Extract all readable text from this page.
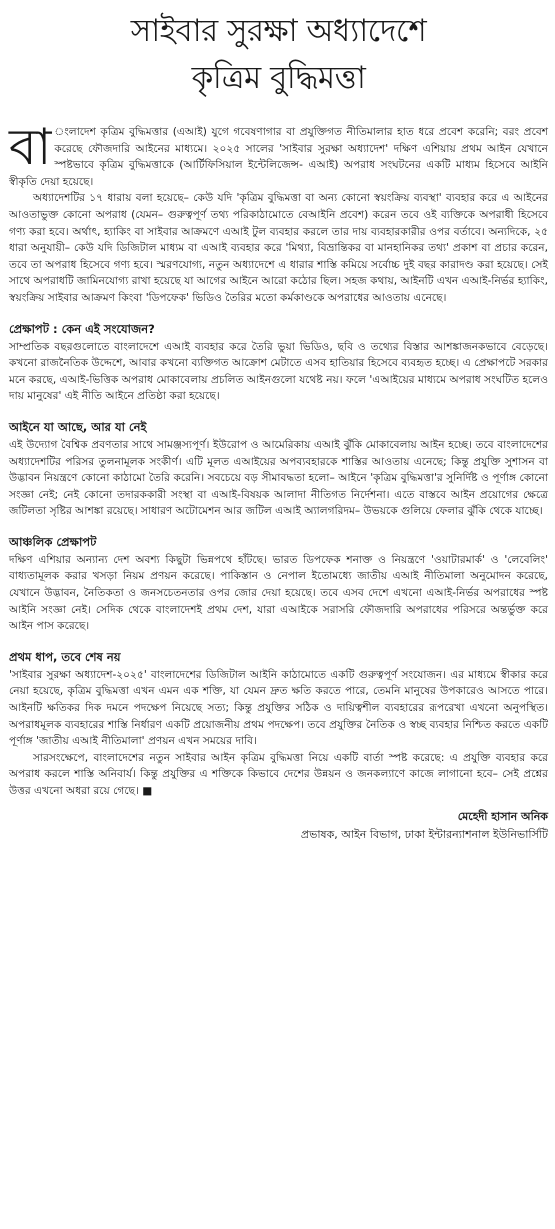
সাইবার সুরক্ষা অধ্যাদেশে
কৃত্রিম বুদ্ধিমত্তা

বা ংলাদেশ কৃত্রিম বুদ্ধিমত্তার (এআই) যুগে গবেষণাগার বা প্রযুক্তিগত নীতিমালার হাত ধরে প্রবেশ করেনি; বরং প্রবেশ করেছে ফৌজদারি আইনের মাধ্যমে। ২০২৫ সালের 'সাইবার সুরক্ষা অধ্যাদেশ' দক্ষিণ এশিয়ায় প্রথম আইন যেখানে স্পষ্টভাবে কৃত্রিম বুদ্ধিমত্তাকে (আর্টিফিসিয়াল ইন্টেলিজেন্স- এআই) অপরাধ সংঘটনের একটি মাধ্যম হিসেবে আইনি স্বীকৃতি দেয়া হয়েছে।

অধ্যাদেশটির ১৭ ধারায় বলা হয়েছে– কেউ যদি 'কৃত্রিম বুদ্ধিমত্তা বা অন্য কোনো স্বয়ংক্রিয় ব্যবস্থা' ব্যবহার করে এ আইনের আওতাভুক্ত কোনো অপরাধ (যেমন– গুরুত্বপূর্ণ তথ্য পরিকাঠামোতে বেআইনি প্রবেশ) করেন তবে ওই ব্যক্তিকে অপরাধী হিসেবে গণ্য করা হবে। অর্থাৎ, হ্যাকিং বা সাইবার আক্রমণে এআই টুল ব্যবহার করলে তার দায় ব্যবহারকারীর ওপর বর্তাবে। অন্যদিকে, ২৫ ধারা অনুযায়ী– কেউ যদি ডিজিটাল মাধ্যম বা এআই ব্যবহার করে 'মিথ্যা, বিভ্রান্তিকর বা মানহানিকর তথ্য' প্রকাশ বা প্রচার করেন, তবে তা অপরাধ হিসেবে গণ্য হবে। স্মরণযোগ্য, নতুন অধ্যাদেশে এ ধারার শাস্তি কমিয়ে সর্বোচ্চ দুই বছর কারাদণ্ড করা হয়েছে। সেই সাথে অপরাধটি জামিনযোগ্য রাখা হয়েছে যা আগের আইনে আরো কঠোর ছিল। সহজ কথায়, আইনটি এখন এআই-নির্ভর হ্যাকিং, স্বয়ংক্রিয় সাইবার আক্রমণ কিংবা 'ডিপফেক' ভিডিও তৈরির মতো কর্মকাণ্ডকে অপরাধের আওতায় এনেছে।

প্রেক্ষাপট : কেন এই সংযোজন?

সাম্প্রতিক বছরগুলোতে বাংলাদেশে এআই ব্যবহার করে তৈরি ভুয়া ভিডিও, ছবি ও তথ্যের বিস্তার আশঙ্কাজনকভাবে বেড়েছে। কখনো রাজনৈতিক উদ্দেশে, আবার কখনো ব্যক্তিগত আক্রোশ মেটাতে এসব হাতিয়ার হিসেবে ব্যবহৃত হচ্ছে। এ প্রেক্ষাপটে সরকার মনে করছে, এআই-ভিত্তিক অপরাধ মোকাবেলায় প্রচলিত আইনগুলো যথেষ্ট নয়। ফলে 'এআইয়ের মাধ্যমে অপরাধ সংঘটিত হলেও দায় মানুষের' এই নীতি আইনে প্রতিষ্ঠা করা হয়েছে।

আইনে যা আছে, আর যা নেই

এই উদ্যোগ বৈশ্বিক প্রবণতার সাথে সামঞ্জস্যপূর্ণ। ইউরোপ ও আমেরিকায় এআই ঝুঁকি মোকাবেলায় আইন হচ্ছে। তবে বাংলাদেশের অধ্যাদেশটির পরিসর তুলনামূলক সংকীর্ণ। এটি মূলত এআইয়ের অপব্যবহারকে শাস্তির আওতায় এনেছে; কিন্তু প্রযুক্তি সুশাসন বা উদ্ভাবন নিয়ন্ত্রণে কোনো কাঠামো তৈরি করেনি। সবচেয়ে বড় সীমাবদ্ধতা হলো– আইনে 'কৃত্রিম বুদ্ধিমত্তা'র সুনির্দিষ্ট ও পূর্ণাঙ্গ কোনো সংজ্ঞা নেই; নেই কোনো তদারককারী সংস্থা বা এআই-বিষয়ক আলাদা নীতিগত নির্দেশনা। এতে বাস্তবে আইন প্রয়োগের ক্ষেত্রে জটিলতা সৃষ্টির আশঙ্কা রয়েছে। সাধারণ অটোমেশন আর জটিল এআই অ্যালগরিদম– উভয়কে গুলিয়ে ফেলার ঝুঁকি থেকে যাচ্ছে।

আঞ্চলিক প্রেক্ষাপট

দক্ষিণ এশিয়ার অন্যান্য দেশ অবশ্য কিছুটা ভিন্নপথে হাঁটছে। ভারত ডিপফেক শনাক্ত ও নিয়ন্ত্রণে 'ওয়াটারমার্ক' ও 'লেবেলিং' বাধ্যতামূলক করার খসড়া নিয়ম প্রণয়ন করেছে। পাকিস্তান ও নেপাল ইতোমধ্যে জাতীয় এআই নীতিমালা অনুমোদন করেছে, যেখানে উদ্ভাবন, নৈতিকতা ও জনসচেতনতার ওপর জোর দেয়া হয়েছে। তবে এসব দেশে এখনো এআই-নির্ভর অপরাধের স্পষ্ট আইনি সংজ্ঞা নেই। সেদিক থেকে বাংলাদেশই প্রথম দেশ, যারা এআইকে সরাসরি ফৌজদারি অপরাধের পরিসরে অন্তর্ভুক্ত করে আইন পাস করেছে।

প্রথম ধাপ, তবে শেষ নয়

'সাইবার সুরক্ষা অধ্যাদেশ-২০২৫' বাংলাদেশের ডিজিটাল আইনি কাঠামোতে একটি গুরুত্বপূর্ণ সংযোজন। এর মাধ্যমে স্বীকার করে নেয়া হয়েছে, কৃত্রিম বুদ্ধিমত্তা এখন এমন এক শক্তি, যা যেমন দ্রুত ক্ষতি করতে পারে, তেমনি মানুষের উপকারেও আসতে পারে। আইনটি ক্ষতিকর দিক দমনে পদক্ষেপ নিয়েছে সত্য; কিন্তু প্রযুক্তির সঠিক ও দায়িত্বশীল ব্যবহারের রূপরেখা এখনো অনুপস্থিত। অপরাধমূলক ব্যবহারের শাস্তি নির্ধারণ একটি প্রয়োজনীয় প্রথম পদক্ষেপ। তবে প্রযুক্তির নৈতিক ও স্বচ্ছ ব্যবহার নিশ্চিত করতে একটি পূর্ণাঙ্গ 'জাতীয় এআই নীতিমালা' প্রণয়ন এখন সময়ের দাবি।

সারসংক্ষেপে, বাংলাদেশের নতুন সাইবার আইন কৃত্রিম বুদ্ধিমত্তা নিয়ে একটি বার্তা স্পষ্ট করেছে: এ প্রযুক্তি ব্যবহার করে অপরাধ করলে শাস্তি অনিবার্য। কিন্তু প্রযুক্তির এ শক্তিকে কিভাবে দেশের উন্নয়ন ও জনকল্যাণে কাজে লাগানো হবে– সেই প্রশ্নের উত্তর এখনো অধরা রয়ে গেছে। ■

মেহেদী হাসান অনিক
প্রভাষক, আইন বিভাগ, ঢাকা ইন্টারন্যাশনাল ইউনিভার্সিটি
